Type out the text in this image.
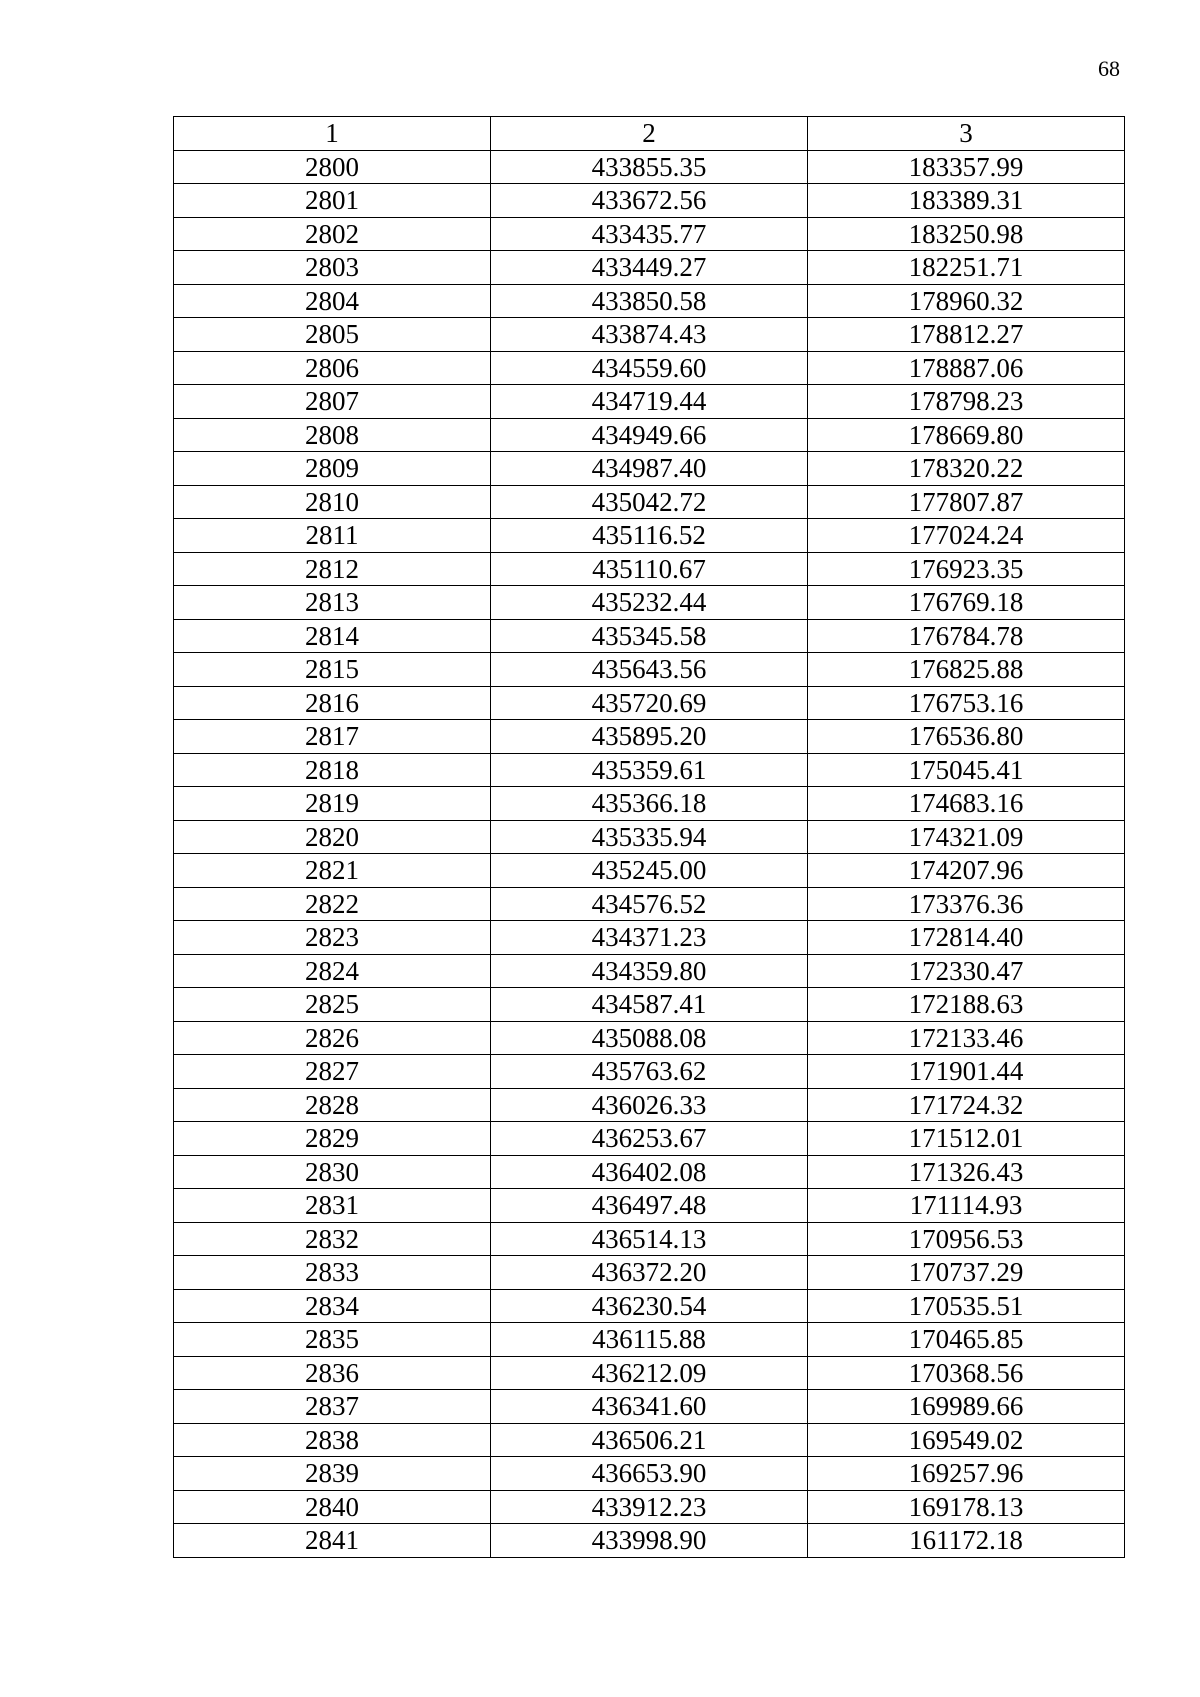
68
1	2	3
2800	433855.35	183357.99
2801	433672.56	183389.31
2802	433435.77	183250.98
2803	433449.27	182251.71
2804	433850.58	178960.32
2805	433874.43	178812.27
2806	434559.60	178887.06
2807	434719.44	178798.23
2808	434949.66	178669.80
2809	434987.40	178320.22
2810	435042.72	177807.87
2811	435116.52	177024.24
2812	435110.67	176923.35
2813	435232.44	176769.18
2814	435345.58	176784.78
2815	435643.56	176825.88
2816	435720.69	176753.16
2817	435895.20	176536.80
2818	435359.61	175045.41
2819	435366.18	174683.16
2820	435335.94	174321.09
2821	435245.00	174207.96
2822	434576.52	173376.36
2823	434371.23	172814.40
2824	434359.80	172330.47
2825	434587.41	172188.63
2826	435088.08	172133.46
2827	435763.62	171901.44
2828	436026.33	171724.32
2829	436253.67	171512.01
2830	436402.08	171326.43
2831	436497.48	171114.93
2832	436514.13	170956.53
2833	436372.20	170737.29
2834	436230.54	170535.51
2835	436115.88	170465.85
2836	436212.09	170368.56
2837	436341.60	169989.66
2838	436506.21	169549.02
2839	436653.90	169257.96
2840	433912.23	169178.13
2841	433998.90	161172.18
